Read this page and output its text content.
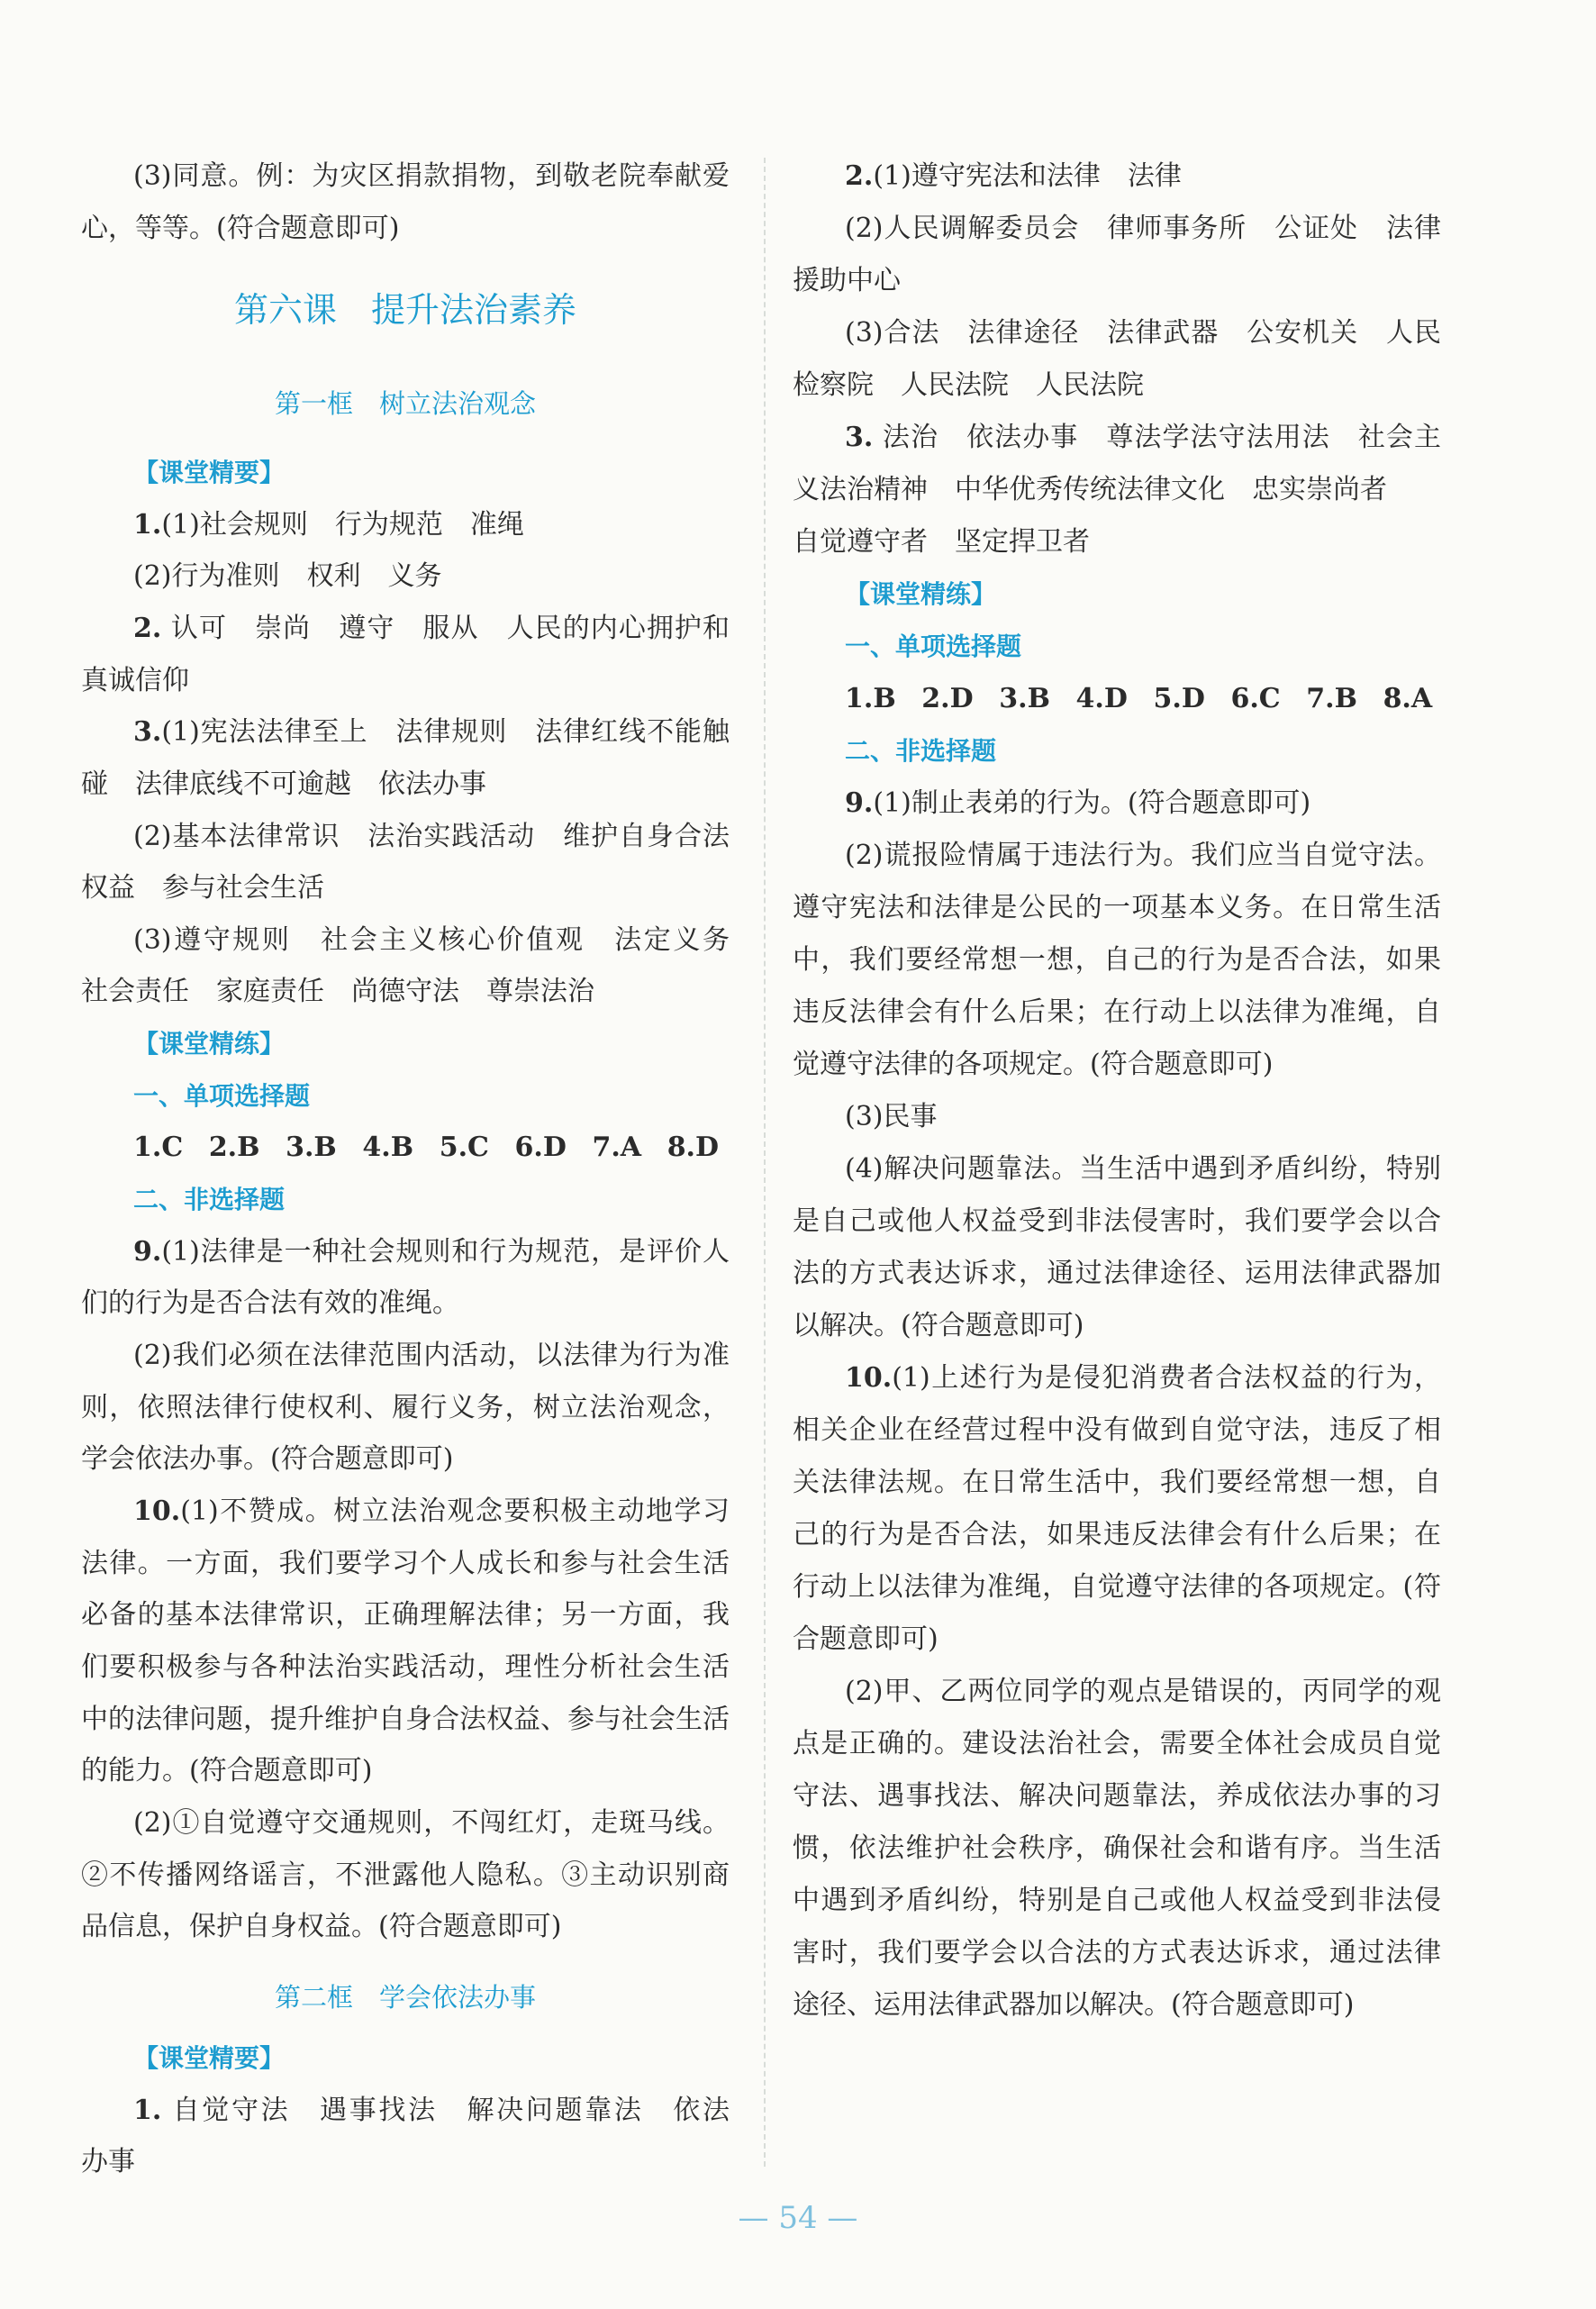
(3)同意。例：为灾区捐款捐物，到敬老院奉献爱
心，等等。(符合题意即可)
第六课　提升法治素养
第一框　树立法治观念
【课堂精要】
1.(1)社会规则　行为规范　准绳
(2)行为准则　权利　义务
2. 认可　崇尚　遵守　服从　人民的内心拥护和
真诚信仰
3.(1)宪法法律至上　法律规则　法律红线不能触
碰　法律底线不可逾越　依法办事
(2)基本法律常识　法治实践活动　维护自身合法
权益　参与社会生活
(3)遵守规则　社会主义核心价值观　法定义务
社会责任　家庭责任　尚德守法　尊崇法治
【课堂精练】
一、单项选择题
1.C 2.B 3.B 4.B 5.C 6.D 7.A 8.D
二、非选择题
9.(1)法律是一种社会规则和行为规范，是评价人
们的行为是否合法有效的准绳。
(2)我们必须在法律范围内活动，以法律为行为准
则，依照法律行使权利、履行义务，树立法治观念，
学会依法办事。(符合题意即可)
10.(1)不赞成。树立法治观念要积极主动地学习
法律。一方面，我们要学习个人成长和参与社会生活
必备的基本法律常识，正确理解法律；另一方面，我
们要积极参与各种法治实践活动，理性分析社会生活
中的法律问题，提升维护自身合法权益、参与社会生活
的能力。(符合题意即可)
(2)①自觉遵守交通规则，不闯红灯，走斑马线。
②不传播网络谣言，不泄露他人隐私。③主动识别商
品信息，保护自身权益。(符合题意即可)
第二框　学会依法办事
【课堂精要】
1. 自觉守法　遇事找法　解决问题靠法　依法
办事
2.(1)遵守宪法和法律　法律
(2)人民调解委员会　律师事务所　公证处　法律
援助中心
(3)合法　法律途径　法律武器　公安机关　人民
检察院　人民法院　人民法院
3. 法治　依法办事　尊法学法守法用法　社会主
义法治精神　中华优秀传统法律文化　忠实崇尚者
自觉遵守者　坚定捍卫者
【课堂精练】
一、单项选择题
1.B 2.D 3.B 4.D 5.D 6.C 7.B 8.A
二、非选择题
9.(1)制止表弟的行为。(符合题意即可)
(2)谎报险情属于违法行为。我们应当自觉守法。
遵守宪法和法律是公民的一项基本义务。在日常生活
中，我们要经常想一想，自己的行为是否合法，如果
违反法律会有什么后果；在行动上以法律为准绳，自
觉遵守法律的各项规定。(符合题意即可)
(3)民事
(4)解决问题靠法。当生活中遇到矛盾纠纷，特别
是自己或他人权益受到非法侵害时，我们要学会以合
法的方式表达诉求，通过法律途径、运用法律武器加
以解决。(符合题意即可)
10.(1)上述行为是侵犯消费者合法权益的行为，
相关企业在经营过程中没有做到自觉守法，违反了相
关法律法规。在日常生活中，我们要经常想一想，自
己的行为是否合法，如果违反法律会有什么后果；在
行动上以法律为准绳，自觉遵守法律的各项规定。(符
合题意即可)
(2)甲、乙两位同学的观点是错误的，丙同学的观
点是正确的。建设法治社会，需要全体社会成员自觉
守法、遇事找法、解决问题靠法，养成依法办事的习
惯，依法维护社会秩序，确保社会和谐有序。当生活
中遇到矛盾纠纷，特别是自己或他人权益受到非法侵
害时，我们要学会以合法的方式表达诉求，通过法律
途径、运用法律武器加以解决。(符合题意即可)
— 54 —
